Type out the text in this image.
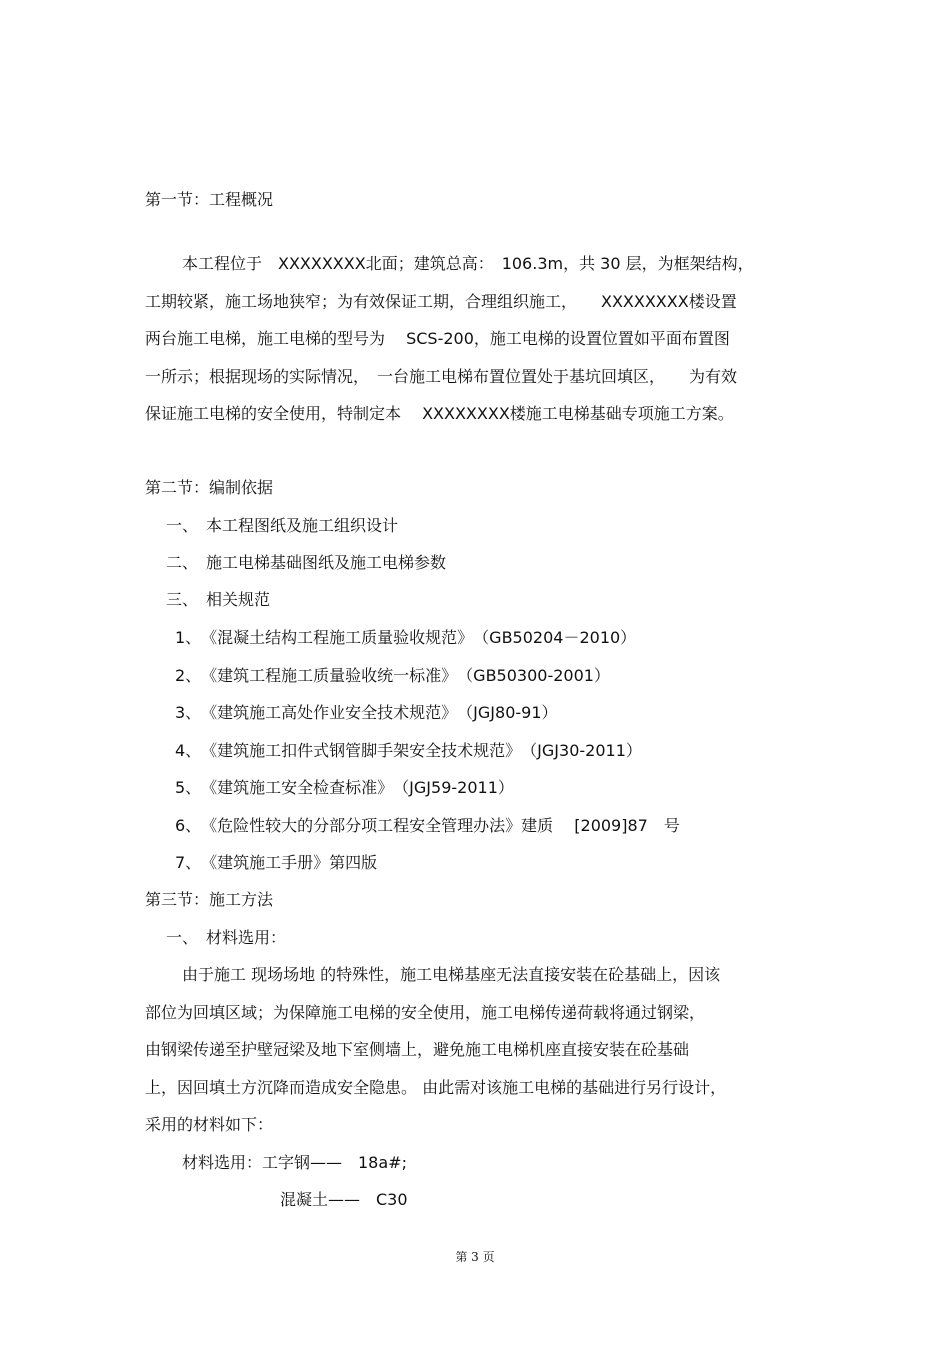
第一节：工程概况
本工程位于　XXXXXXXX北面；建筑总高：　106.3m，共 30 层，为框架结构，
工期较紧，施工场地狭窄；为有效保证工期，合理组织施工，　　XXXXXXXX楼设置
两台施工电梯，施工电梯的型号为　 SCS-200，施工电梯的设置位置如平面布置图
一所示；根据现场的实际情况，　一台施工电梯布置位置处于基坑回填区，　　为有效
保证施工电梯的安全使用，特制定本　 XXXXXXXX楼施工电梯基础专项施工方案。
第二节：编制依据
一、　本工程图纸及施工组织设计
二、　施工电梯基础图纸及施工电梯参数
三、　相关规范
1、　《混凝土结构工程施工质量验收规范》　（GB50204－2010）
2、　《建筑工程施工质量验收统一标准》　（GB50300-2001）
3、　《建筑施工高处作业安全技术规范》　（JGJ80-91）
4、　《建筑施工扣件式钢管脚手架安全技术规范》　（JGJ30-2011）
5、　《建筑施工安全检查标准》　（JGJ59-2011）
6、　《危险性较大的分部分项工程安全管理办法》建质　 [2009]87　号
7、　《建筑施工手册》第四版
第三节：施工方法
一、　材料选用：
由于施工 现场场地 的特殊性，施工电梯基座无法直接安装在砼基础上，因该
部位为回填区域；为保障施工电梯的安全使用，施工电梯传递荷载将通过钢梁，
由钢梁传递至护壁冠梁及地下室侧墙上，避免施工电梯机座直接安装在砼基础
上，因回填土方沉降而造成安全隐患。 由此需对该施工电梯的基础进行另行设计，
采用的材料如下：
材料选用：工字钢——　18a#;
混凝土——　C30
第 3 页
